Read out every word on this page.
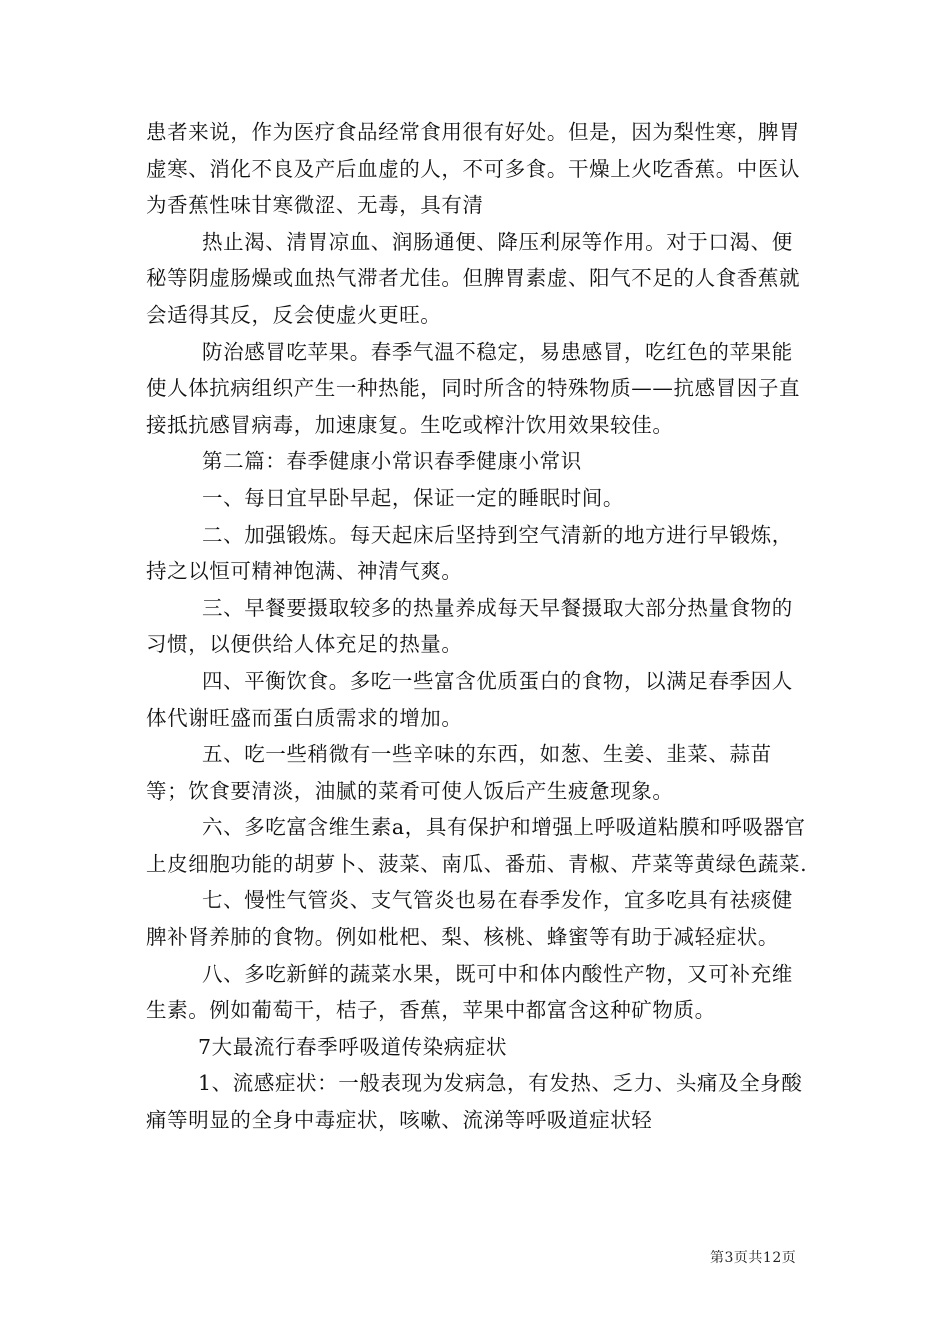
患者来说，作为医疗食品经常食用很有好处。但是，因为梨性寒，脾胃虚寒、消化不良及产后血虚的人，不可多食。干燥上火吃香蕉。中医认为香蕉性味甘寒微涩、无毒，具有清

热止渴、清胃凉血、润肠通便、降压利尿等作用。对于口渴、便秘等阴虚肠燥或血热气滞者尤佳。但脾胃素虚、阳气不足的人食香蕉就会适得其反，反会使虚火更旺。

防治感冒吃苹果。春季气温不稳定，易患感冒，吃红色的苹果能使人体抗病组织产生一种热能，同时所含的特殊物质——抗感冒因子直接抵抗感冒病毒，加速康复。生吃或榨汁饮用效果较佳。

第二篇：春季健康小常识春季健康小常识

一、每日宜早卧早起，保证一定的睡眠时间。

二、加强锻炼。每天起床后坚持到空气清新的地方进行早锻炼，持之以恒可精神饱满、神清气爽。

三、早餐要摄取较多的热量养成每天早餐摄取大部分热量食物的习惯，以便供给人体充足的热量。

四、平衡饮食。多吃一些富含优质蛋白的食物，以满足春季因人体代谢旺盛而蛋白质需求的增加。

五、吃一些稍微有一些辛味的东西，如葱、生姜、韭菜、蒜苗等；饮食要清淡，油腻的菜肴可使人饭后产生疲惫现象。

六、多吃富含维生素a，具有保护和增强上呼吸道粘膜和呼吸器官上皮细胞功能的胡萝卜、菠菜、南瓜、番茄、青椒、芹菜等黄绿色蔬菜.

七、慢性气管炎、支气管炎也易在春季发作，宜多吃具有祛痰健脾补肾养肺的食物。例如枇杷、梨、核桃、蜂蜜等有助于减轻症状。

八、多吃新鲜的蔬菜水果，既可中和体内酸性产物，又可补充维生素。例如葡萄干，桔子，香蕉，苹果中都富含这种矿物质。

7大最流行春季呼吸道传染病症状

1、流感症状：一般表现为发病急，有发热、乏力、头痛及全身酸痛等明显的全身中毒症状，咳嗽、流涕等呼吸道症状轻

第3页共12页
